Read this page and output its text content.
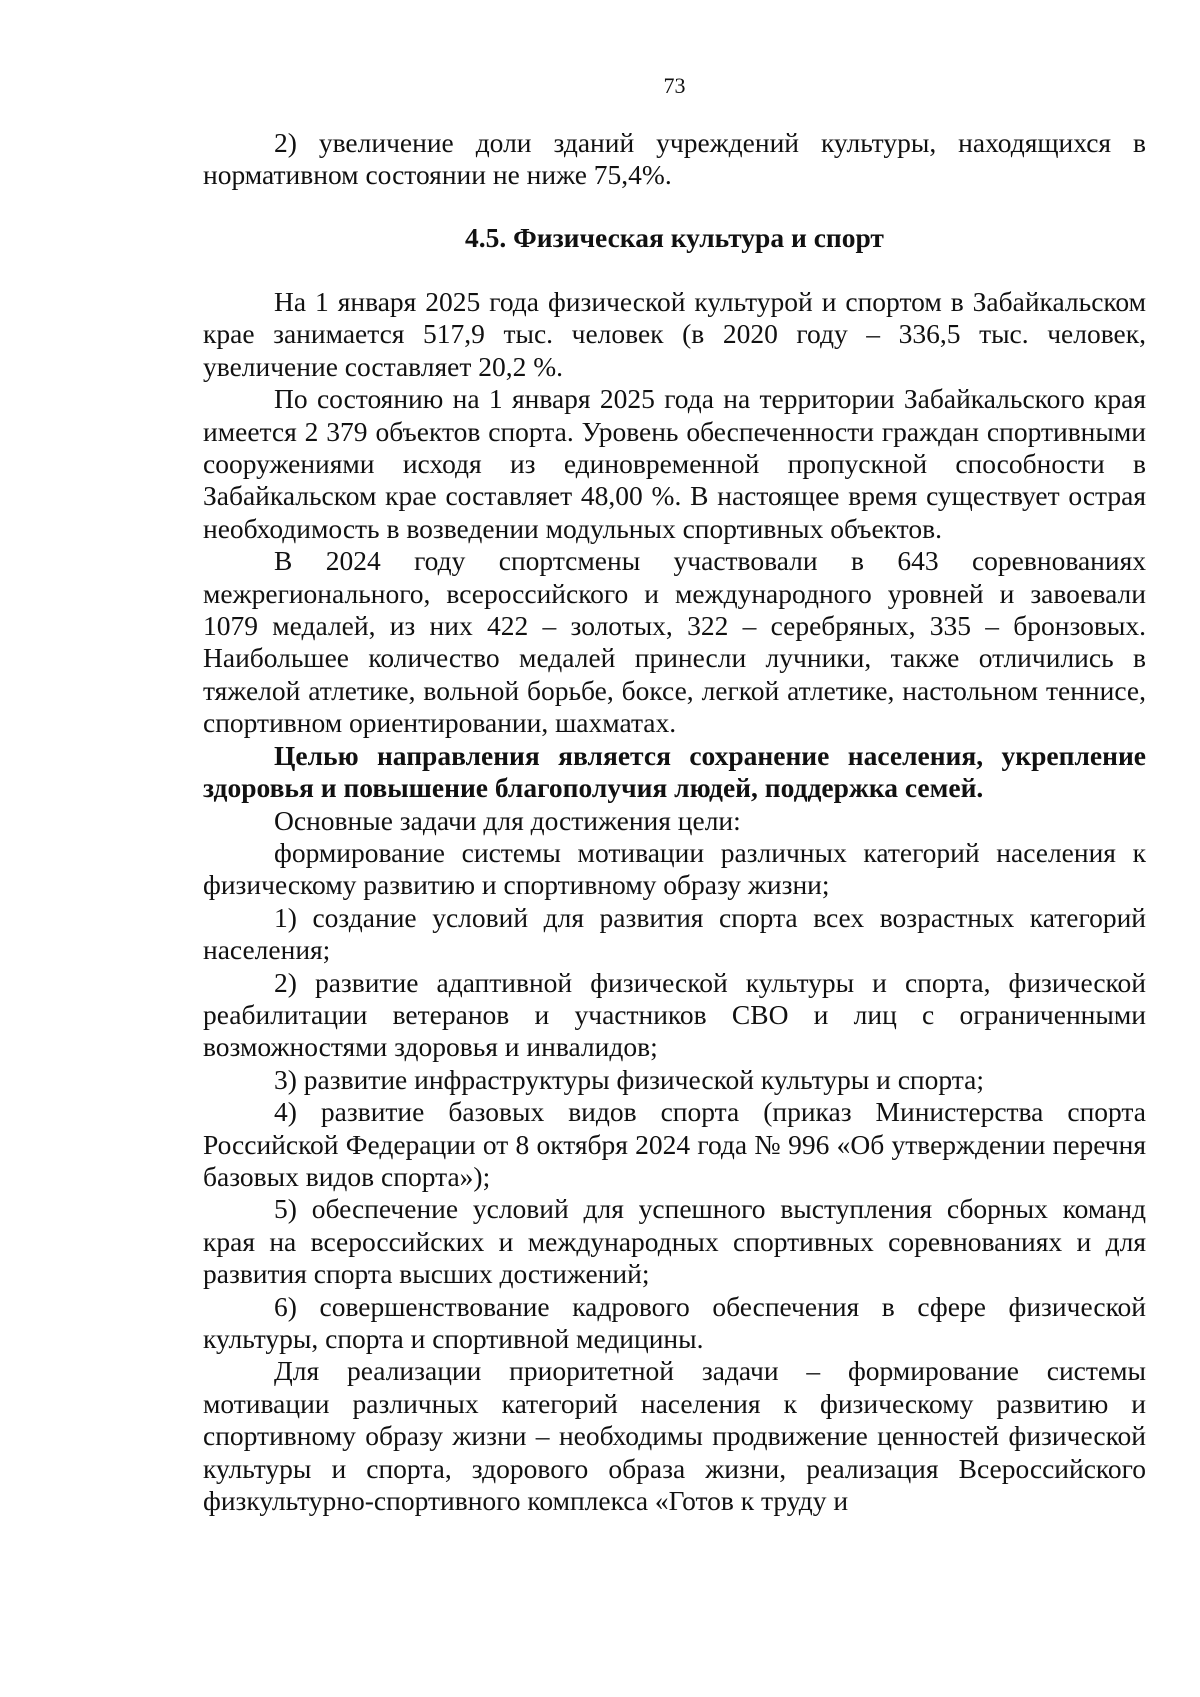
73

2) увеличение доли зданий учреждений культуры, находящихся в нормативном состоянии не ниже 75,4%.

4.5. Физическая культура и спорт

На 1 января 2025 года физической культурой и спортом в Забайкальском крае занимается 517,9 тыс. человек (в 2020 году – 336,5 тыс. человек, увеличение составляет 20,2 %.

По состоянию на 1 января 2025 года на территории Забайкальского края имеется 2 379 объектов спорта. Уровень обеспеченности граждан спортивными сооружениями исходя из единовременной пропускной способности в Забайкальском крае составляет 48,00 %. В настоящее время существует острая необходимость в возведении модульных спортивных объектов.

В 2024 году спортсмены участвовали в 643 соревнованиях межрегионального, всероссийского и международного уровней и завоевали 1079 медалей, из них 422 – золотых, 322 – серебряных, 335 – бронзовых. Наибольшее количество медалей принесли лучники, также отличились в тяжелой атлетике, вольной борьбе, боксе, легкой атлетике, настольном теннисе, спортивном ориентировании, шахматах.

Целью направления является сохранение населения, укрепление здоровья и повышение благополучия людей, поддержка семей.

Основные задачи для достижения цели:

формирование системы мотивации различных категорий населения к физическому развитию и спортивному образу жизни;

1) создание условий для развития спорта всех возрастных категорий населения;

2) развитие адаптивной физической культуры и спорта, физической реабилитации ветеранов и участников СВО и лиц с ограниченными возможностями здоровья и инвалидов;

3) развитие инфраструктуры физической культуры и спорта;

4) развитие базовых видов спорта (приказ Министерства спорта Российской Федерации от 8 октября 2024 года № 996 «Об утверждении перечня базовых видов спорта»);

5) обеспечение условий для успешного выступления сборных команд края на всероссийских и международных спортивных соревнованиях и для развития спорта высших достижений;

6) совершенствование кадрового обеспечения в сфере физической культуры, спорта и спортивной медицины.

Для реализации приоритетной задачи – формирование системы мотивации различных категорий населения к физическому развитию и спортивному образу жизни – необходимы продвижение ценностей физической культуры и спорта, здорового образа жизни, реализация Всероссийского физкультурно-спортивного комплекса «Готов к труду и
